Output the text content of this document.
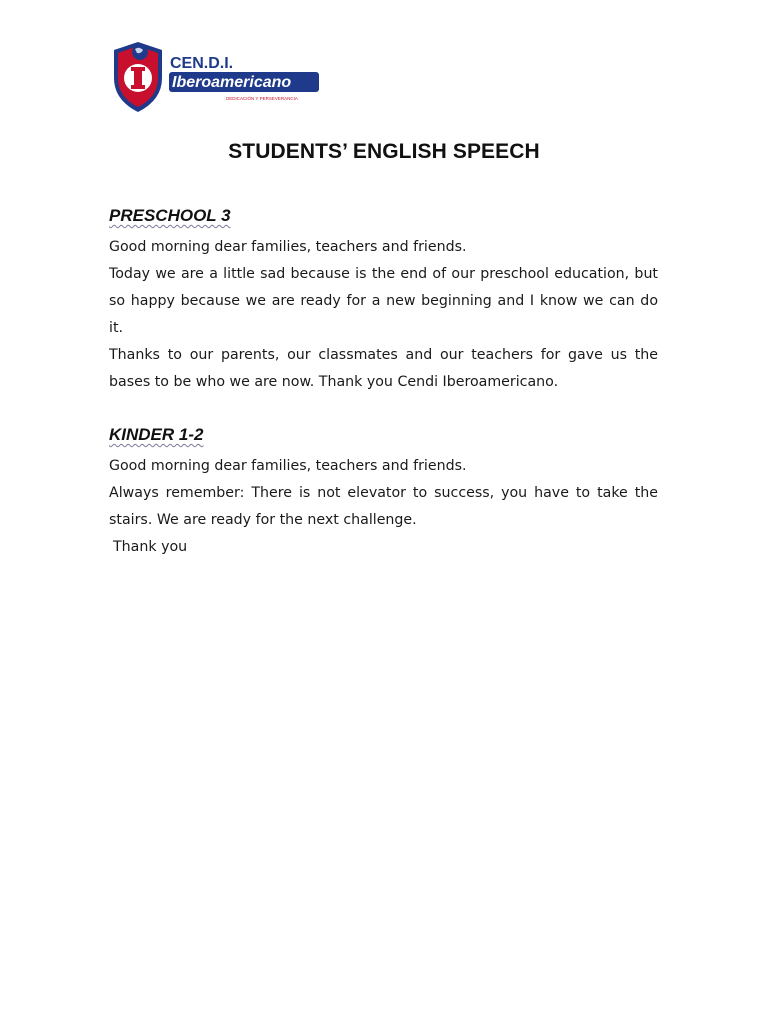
CEN.D.I.
Iberoamericano
DEDICACIÓN Y PERSEVERANCIA
STUDENTS’ ENGLISH SPEECH
PRESCHOOL 3

Good morning dear families, teachers and friends.

Today we are a little sad because is the end of our preschool education, but so happy because we are ready for a new beginning and I know we can do it.

Thanks to our parents, our classmates and our teachers for gave us the bases to be who we are now. Thank you Cendi Iberoamericano.

KINDER 1-2

Good morning dear families, teachers and friends.

Always remember: There is not elevator to success, you have to take the stairs. We are ready for the next challenge.

Thank you
